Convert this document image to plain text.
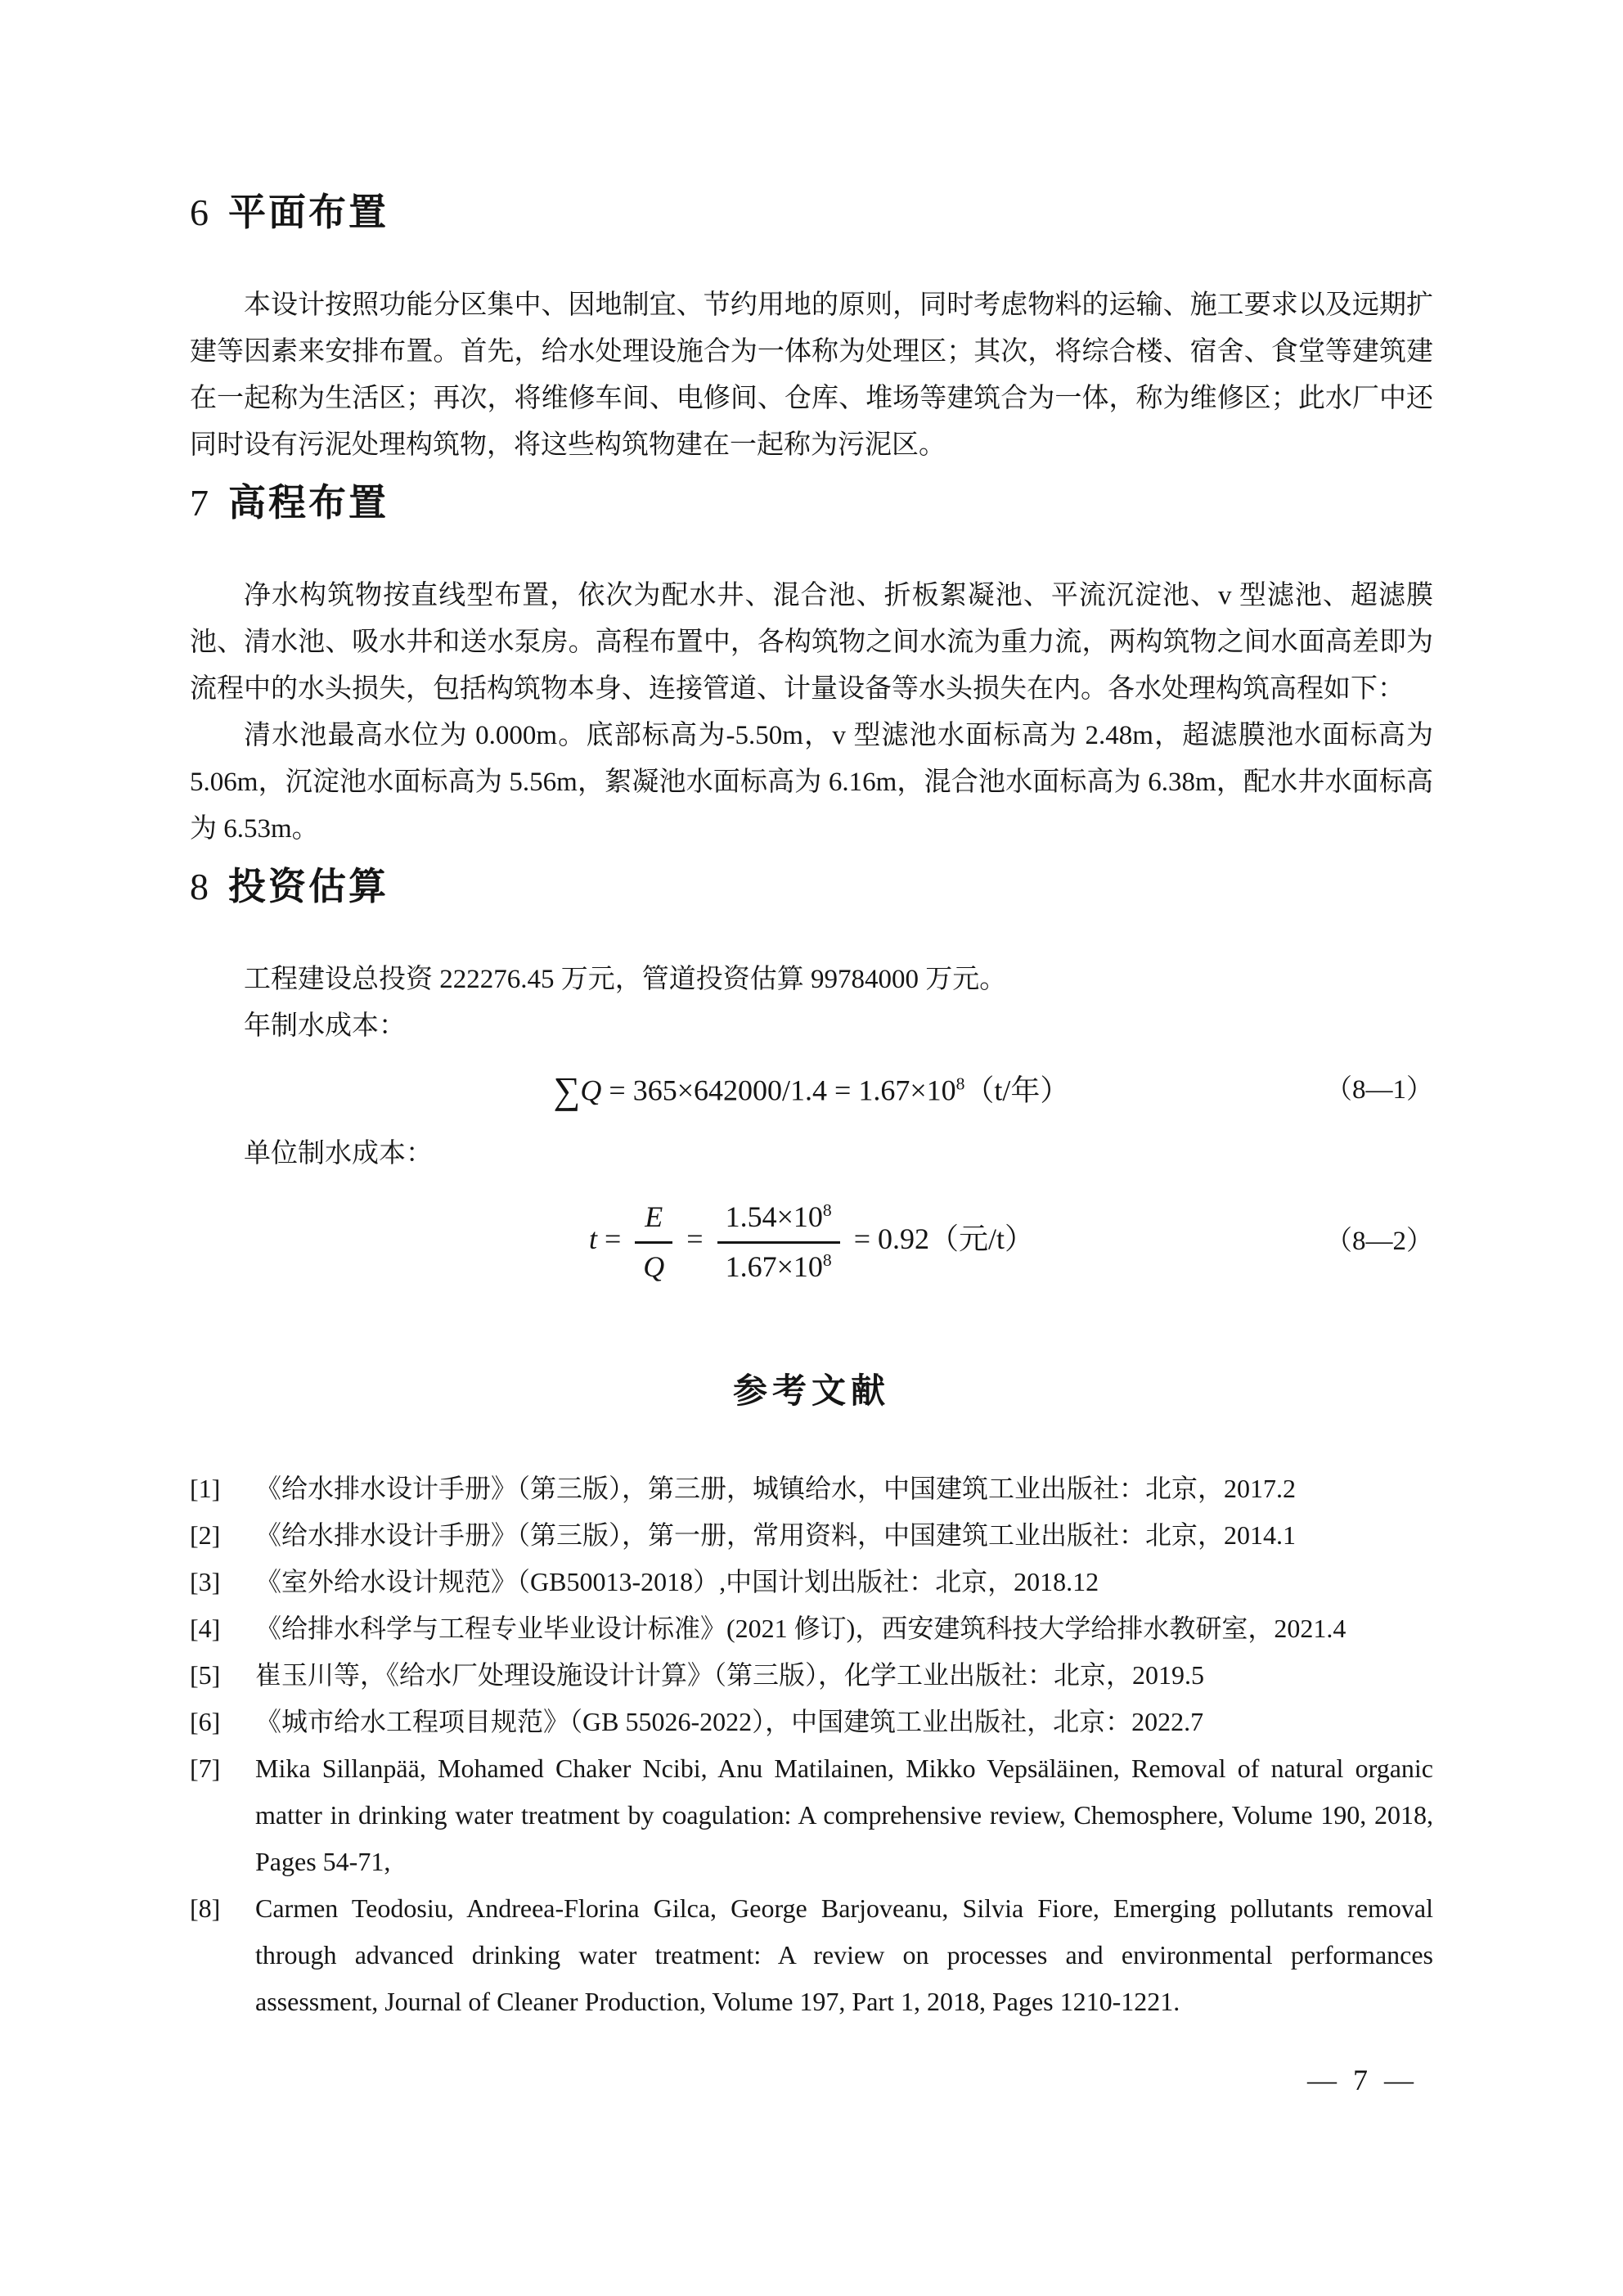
6 平面布置

本设计按照功能分区集中、因地制宜、节约用地的原则，同时考虑物料的运输、施工要求以及远期扩建等因素来安排布置。首先，给水处理设施合为一体称为处理区；其次，将综合楼、宿舍、食堂等建筑建在一起称为生活区；再次，将维修车间、电修间、仓库、堆场等建筑合为一体，称为维修区；此水厂中还同时设有污泥处理构筑物，将这些构筑物建在一起称为污泥区。

7 高程布置

净水构筑物按直线型布置，依次为配水井、混合池、折板絮凝池、平流沉淀池、v 型滤池、超滤膜池、清水池、吸水井和送水泵房。高程布置中，各构筑物之间水流为重力流，两构筑物之间水面高差即为流程中的水头损失，包括构筑物本身、连接管道、计量设备等水头损失在内。各水处理构筑高程如下：

清水池最高水位为 0.000m。底部标高为-5.50m，v 型滤池水面标高为 2.48m，超滤膜池水面标高为 5.06m，沉淀池水面标高为 5.56m，絮凝池水面标高为 6.16m，混合池水面标高为 6.38m，配水井水面标高为 6.53m。

8 投资估算

工程建设总投资 222276.45 万元，管道投资估算 99784000 万元。

年制水成本：

$\sum Q = 365\times 642000/1.4 = 1.67\times 10^8(t/$年）	（8—1）

单位制水成本：

$t = \frac{E}{Q} = \frac{1.54\times 10^8}{1.67\times 10^8} = 0.92$（元/t）	（8—2）
参考文献
[1]	《给水排水设计手册》（第三版），第三册，城镇给水，中国建筑工业出版社：北京，2017.2
[2]	《给水排水设计手册》（第三版），第一册，常用资料，中国建筑工业出版社：北京，2014.1
[3]	《室外给水设计规范》（GB50013-2018）,中国计划出版社：北京，2018.12
[4]	《给排水科学与工程专业毕业设计标准》(2021 修订)，西安建筑科技大学给排水教研室，2021.4
[5]	崔玉川等，《给水厂处理设施设计计算》（第三版），化学工业出版社：北京，2019.5
[6]	《城市给水工程项目规范》（GB 55026-2022），中国建筑工业出版社，北京：2022.7
[7]	Mika Sillanpää, Mohamed Chaker Ncibi, Anu Matilainen, Mikko Vepsäläinen, Removal of natural organic matter in drinking water treatment by coagulation: A comprehensive review, Chemosphere, Volume 190, 2018, Pages 54-71,
[8]	Carmen Teodosiu, Andreea-Florina Gilca, George Barjoveanu, Silvia Fiore, Emerging pollutants removal through advanced drinking water treatment: A review on processes and environmental performances assessment, Journal of Cleaner Production, Volume 197, Part 1, 2018, Pages 1210-1221.
— 7 —
